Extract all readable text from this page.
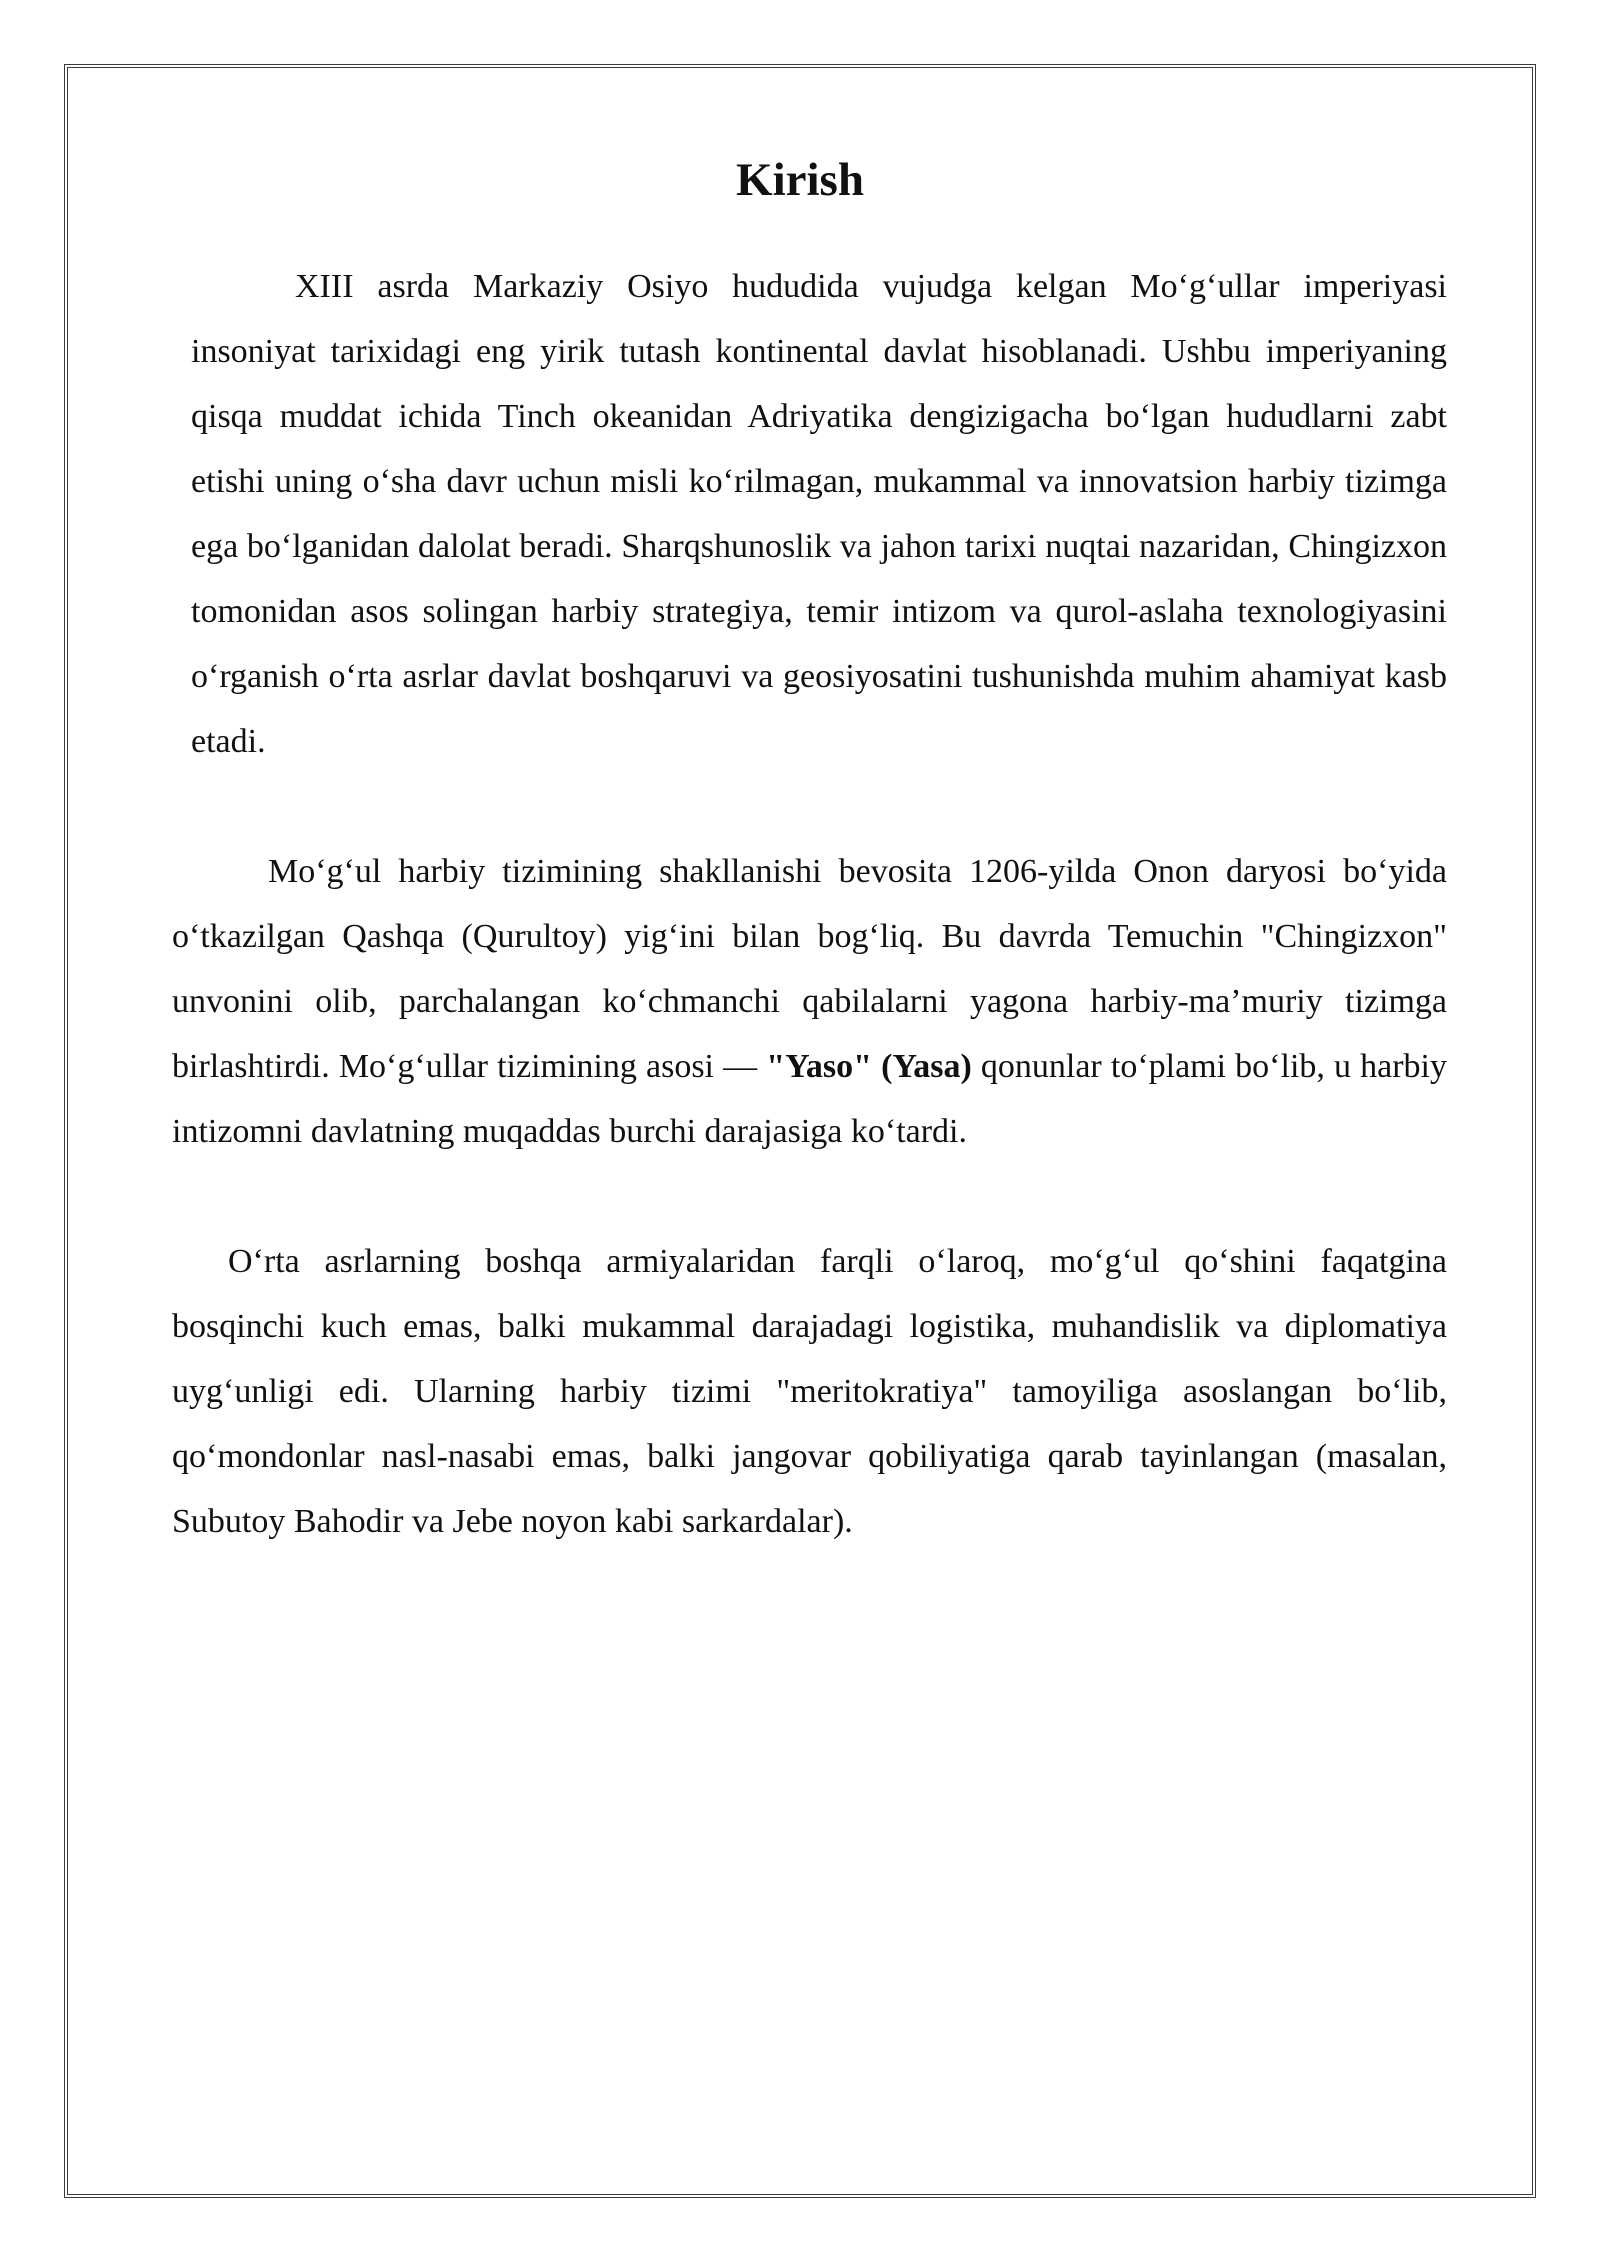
Kirish

XIII asrda Markaziy Osiyo hududida vujudga kelgan Mo‘g‘ullar imperiyasi insoniyat tarixidagi eng yirik tutash kontinental davlat hisoblanadi. Ushbu imperiyaning qisqa muddat ichida Tinch okeanidan Adriyatika dengizigacha bo‘lgan hududlarni zabt etishi uning o‘sha davr uchun misli ko‘rilmagan, mukammal va innovatsion harbiy tizimga ega bo‘lganidan dalolat beradi. Sharqshunoslik va jahon tarixi nuqtai nazaridan, Chingizxon tomonidan asos solingan harbiy strategiya, temir intizom va qurol-aslaha texnologiyasini o‘rganish o‘rta asrlar davlat boshqaruvi va geosiyosatini tushunishda muhim ahamiyat kasb etadi.

Mo‘g‘ul harbiy tizimining shakllanishi bevosita 1206-yilda Onon daryosi bo‘yida o‘tkazilgan Qashqa (Qurultoy) yig‘ini bilan bog‘liq. Bu davrda Temuchin "Chingizxon" unvonini olib, parchalangan ko‘chmanchi qabilalarni yagona harbiy-ma’muriy tizimga birlashtirdi. Mo‘g‘ullar tizimining asosi — "Yaso" (Yasa) qonunlar to‘plami bo‘lib, u harbiy intizomni davlatning muqaddas burchi darajasiga ko‘tardi.

O‘rta asrlarning boshqa armiyalaridan farqli o‘laroq, mo‘g‘ul qo‘shini faqatgina bosqinchi kuch emas, balki mukammal darajadagi logistika, muhandislik va diplomatiya uyg‘unligi edi. Ularning harbiy tizimi "meritokratiya" tamoyiliga asoslangan bo‘lib, qo‘mondonlar nasl-nasabi emas, balki jangovar qobiliyatiga qarab tayinlangan (masalan, Subutoy Bahodir va Jebe noyon kabi sarkardalar).
